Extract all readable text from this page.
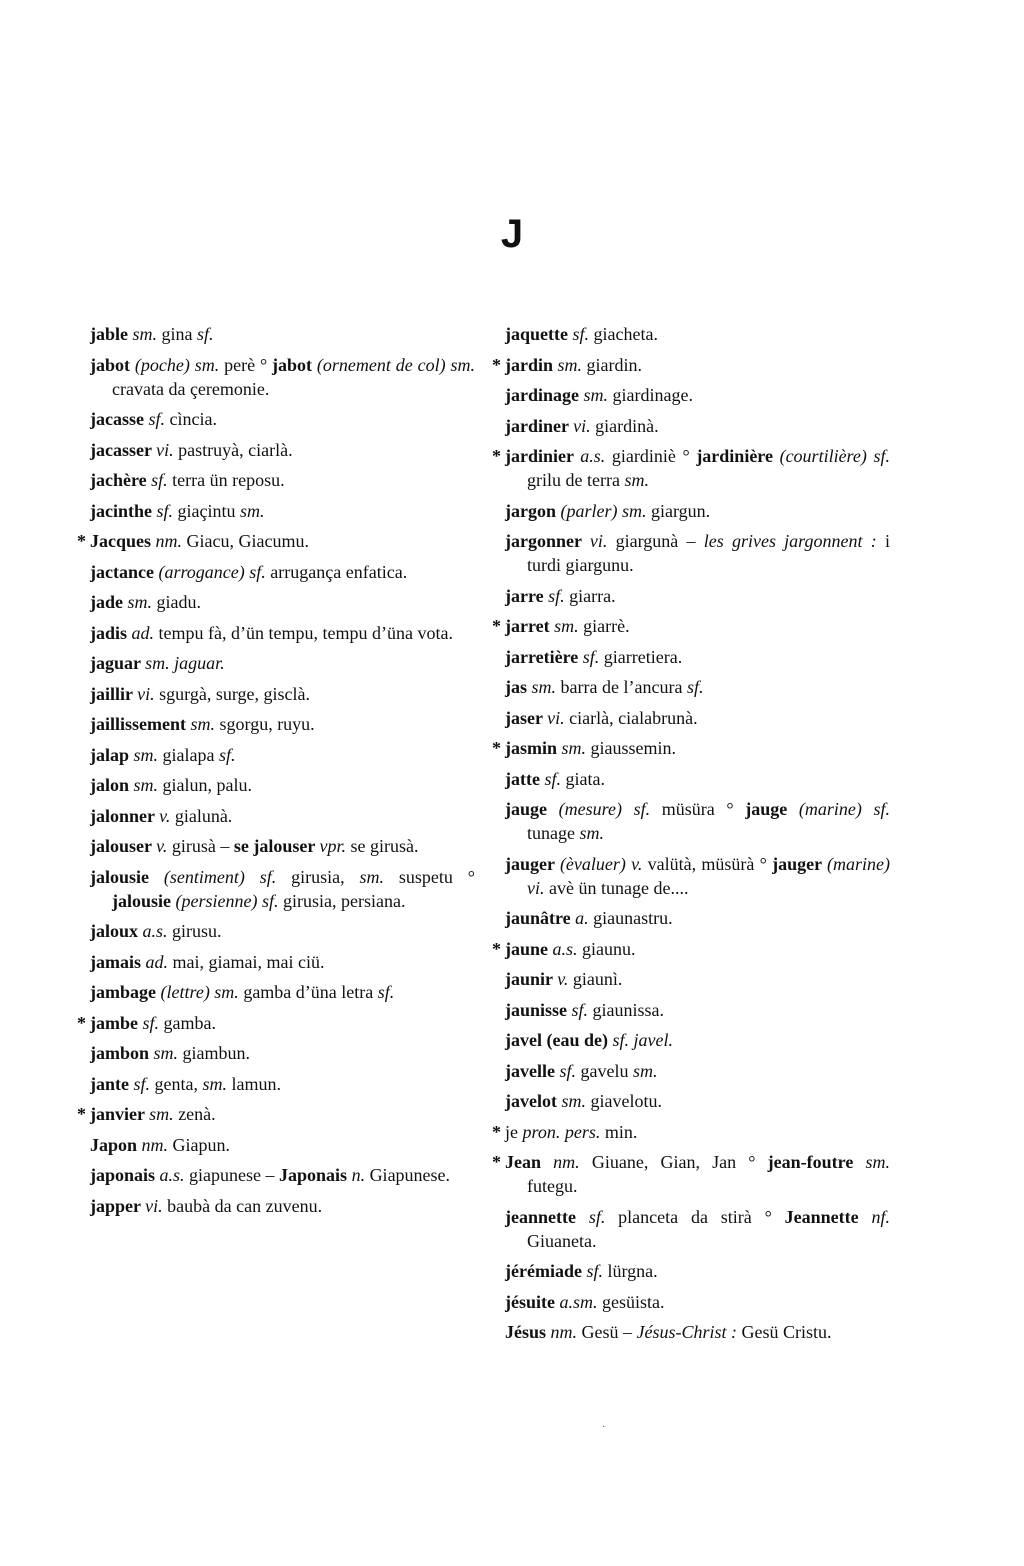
J
jable sm. gina sf.
jabot (poche) sm. perè ° jabot (ornement de col) sm. cravata da çeremonie.
jacasse sf. cìncia.
jacasser vi. pastruyà, ciarlà.
jachère sf. terra ün reposu.
jacinthe sf. giaçintu sm.
* Jacques nm. Giacu, Giacumu.
jactance (arrogance) sf. arrugança enfatica.
jade sm. giadu.
jadis ad. tempu fà, d’ün tempu, tempu d’üna vota.
jaguar sm. jaguar.
jaillir vi. sgurgà, surge, gisclà.
jaillissement sm. sgorgu, ruyu.
jalap sm. gialapa sf.
jalon sm. gialun, palu.
jalonner v. gialunà.
jalouser v. girusà – se jalouser vpr. se girusà.
jalousie (sentiment) sf. girusia, sm. suspetu ° jalousie (persienne) sf. girusia, persiana.
jaloux a.s. girusu.
jamais ad. mai, giamai, mai ciü.
jambage (lettre) sm. gamba d’üna letra sf.
* jambe sf. gamba.
jambon sm. giambun.
jante sf. genta, sm. lamun.
* janvier sm. zenà.
Japon nm. Giapun.
japonais a.s. giapunese – Japonais n. Giapunese.
japper vi. baubà da can zuvenu.
jaquette sf. giacheta.
* jardin sm. giardin.
jardinage sm. giardinage.
jardiner vi. giardinà.
* jardinier a.s. giardiniè ° jardinière (courtilière) sf. grilu de terra sm.
jargon (parler) sm. giargun.
jargonner vi. giargunà – les grives jargonnent : i turdi giargunu.
jarre sf. giarra.
* jarret sm. giarrè.
jarretière sf. giarretiera.
jas sm. barra de l’ancura sf.
jaser vi. ciarlà, cialabrunà.
* jasmin sm. giaussemin.
jatte sf. giata.
jauge (mesure) sf. müsüra ° jauge (marine) sf. tunage sm.
jauger (èvaluer) v. valütà, müsürà ° jauger (marine) vi. avè ün tunage de....
jaunâtre a. giaunastru.
* jaune a.s. giaunu.
jaunir v. giaunì.
jaunisse sf. giaunissa.
javel (eau de) sf. javel.
javelle sf. gavelu sm.
javelot sm. giavelotu.
* je pron. pers. min.
* Jean nm. Giuane, Gian, Jan ° jean-foutre sm. futegu.
jeannette sf. planceta da stirà ° Jeannette nf. Giuaneta.
jérémiade sf. lürgna.
jésuite a.sm. gesüista.
Jésus nm. Gesü – Jésus-Christ : Gesü Cristu.
·
